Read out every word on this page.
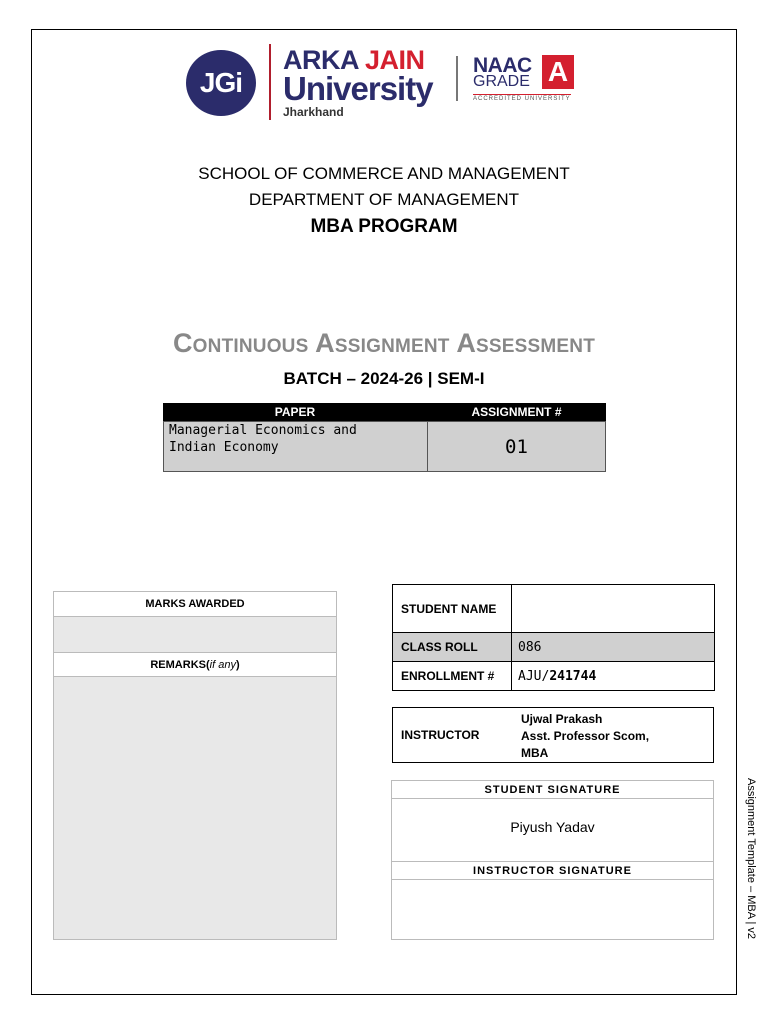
JGi
ARKA JAIN
University
Jharkhand
NAAC
GRADE A
ACCREDITED UNIVERSITY
SCHOOL OF COMMERCE AND MANAGEMENT
DEPARTMENT OF MANAGEMENT
MBA PROGRAM
Continuous Assignment Assessment
BATCH – 2024-26 | SEM-I
PAPER	ASSIGNMENT #
Managerial Economics and
Indian Economy	01
MARKS AWARDED
REMARKS ( if any )
STUDENT NAME
CLASS ROLL	086
ENROLLMENT #	AJU/ 241744
INSTRUCTOR
Ujwal Prakash
Asst. Professor Scom,
MBA
STUDENT SIGNATURE
Piyush Yadav
INSTRUCTOR SIGNATURE	Assignment Template – MBA | v2
